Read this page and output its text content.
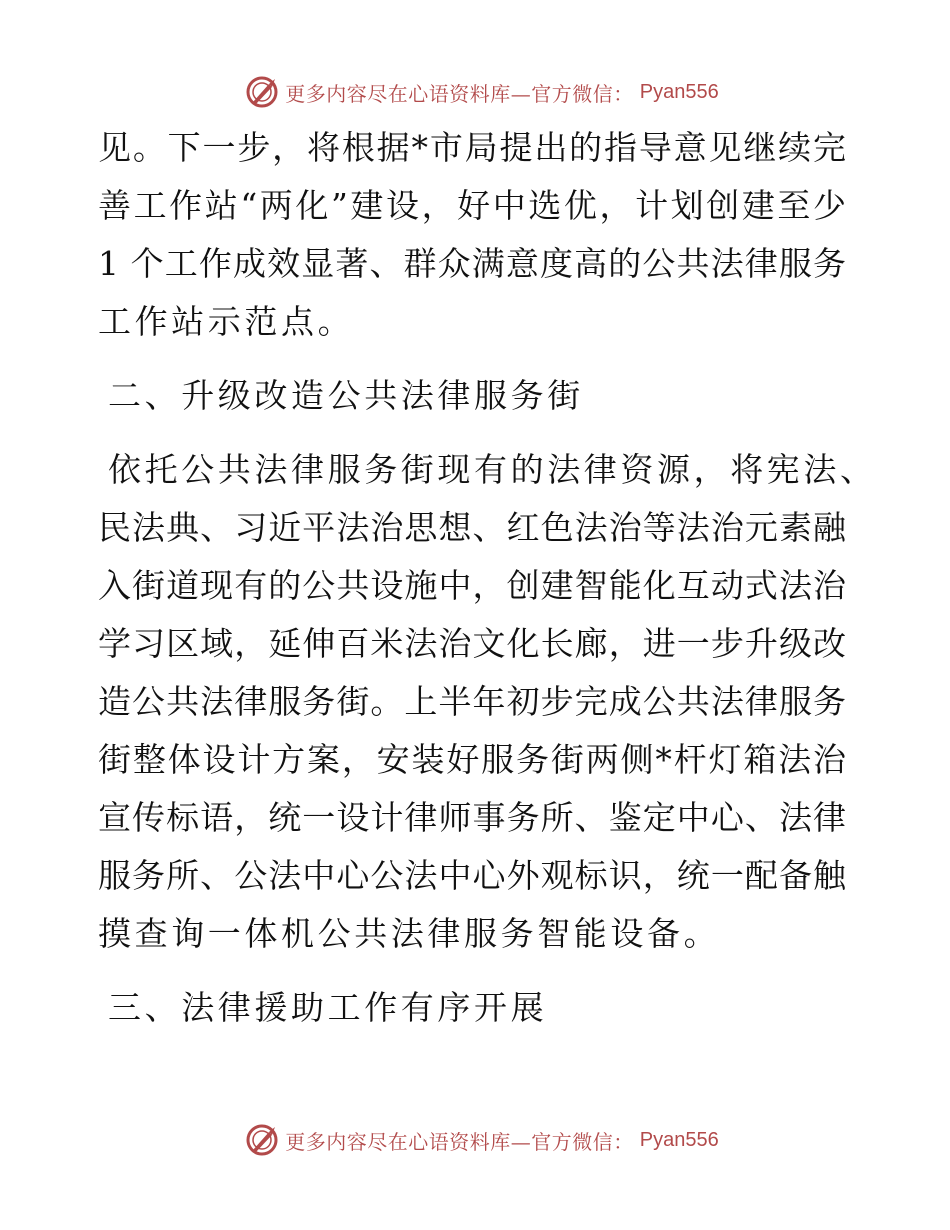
更多内容尽在心语资料库—官方微信： Pyan556
见。下一步，将根据*市局提出的指导意见继续完
善工作站“两化”建设，好中选优，计划创建至少
1 个工作成效显著、群众满意度高的公共法律服务
工作站示范点。
二、升级改造公共法律服务街
依托公共法律服务街现有的法律资源，将宪法、
民法典、习近平法治思想、红色法治等法治元素融
入街道现有的公共设施中，创建智能化互动式法治
学习区域，延伸百米法治文化长廊，进一步升级改
造公共法律服务街。上半年初步完成公共法律服务
街整体设计方案，安装好服务街两侧*杆灯箱法治
宣传标语，统一设计律师事务所、鉴定中心、法律
服务所、公法中心公法中心外观标识，统一配备触
摸查询一体机公共法律服务智能设备。
三、法律援助工作有序开展
更多内容尽在心语资料库—官方微信： Pyan556
